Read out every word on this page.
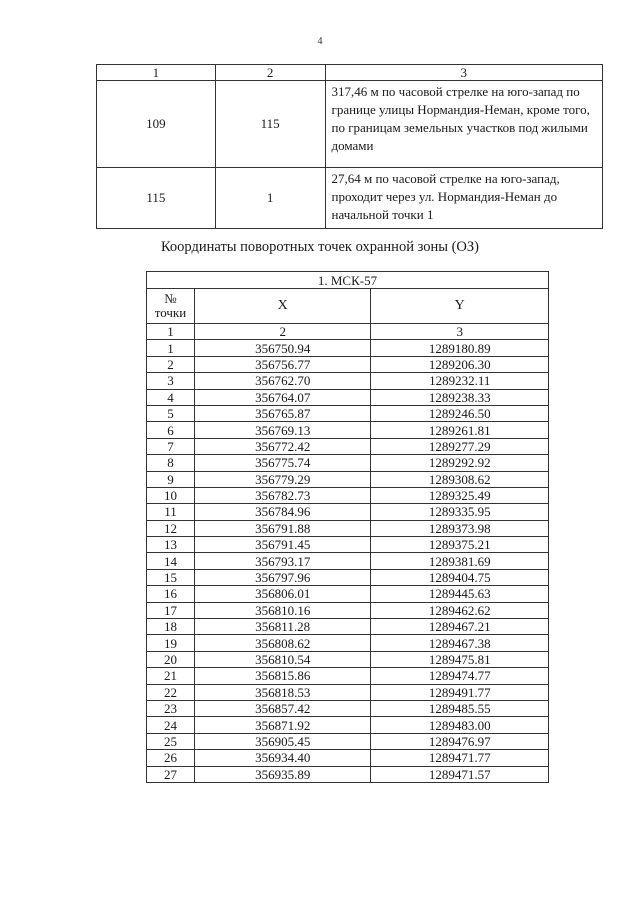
4
1	2	3
109	115	317,46 м по часовой стрелке на юго-запад по границе улицы Нормандия-Неман, кроме того, по границам земельных участков под жилыми домами
115	1	27,64 м по часовой стрелке на юго-запад, проходит через ул. Нормандия-Неман до начальной точки 1
Координаты поворотных точек охранной зоны (ОЗ)
1. МСК-57		
№ точки	X	Y
1	2	3
1	356750.94	1289180.89
2	356756.77	1289206.30
3	356762.70	1289232.11
4	356764.07	1289238.33
5	356765.87	1289246.50
6	356769.13	1289261.81
7	356772.42	1289277.29
8	356775.74	1289292.92
9	356779.29	1289308.62
10	356782.73	1289325.49
11	356784.96	1289335.95
12	356791.88	1289373.98
13	356791.45	1289375.21
14	356793.17	1289381.69
15	356797.96	1289404.75
16	356806.01	1289445.63
17	356810.16	1289462.62
18	356811.28	1289467.21
19	356808.62	1289467.38
20	356810.54	1289475.81
21	356815.86	1289474.77
22	356818.53	1289491.77
23	356857.42	1289485.55
24	356871.92	1289483.00
25	356905.45	1289476.97
26	356934.40	1289471.77
27	356935.89	1289471.57
